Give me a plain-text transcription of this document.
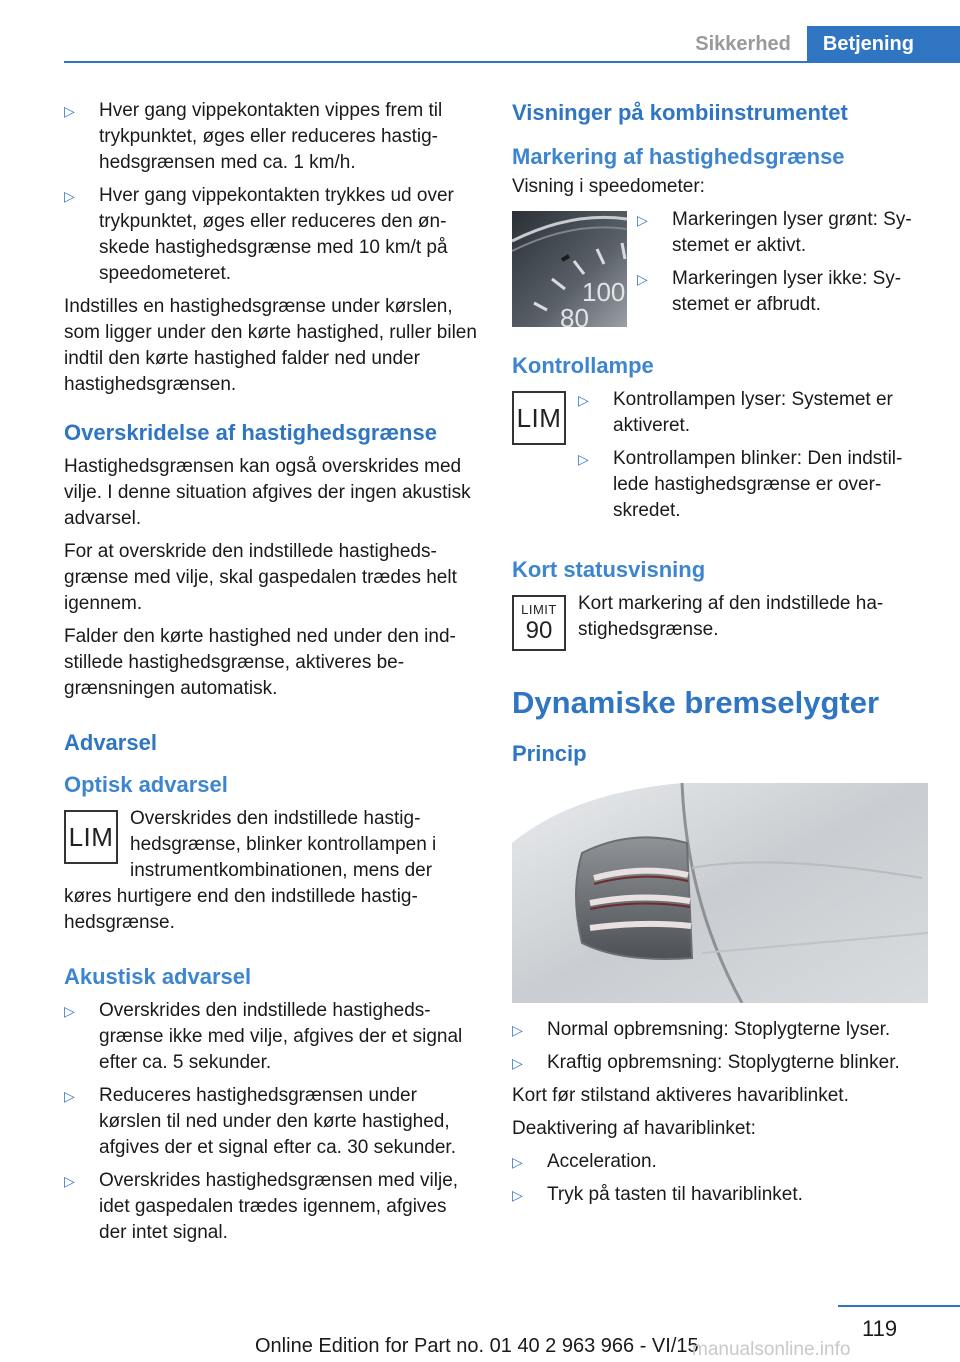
Sikkerhed	Betjening
▷	Hver gang vippekontakten vippes frem til trykpunktet, øges eller reduceres hastighedsgrænsen med ca. 1 km/h.
▷	Hver gang vippekontakten trykkes ud over trykpunktet, øges eller reduceres den ønskede hastighedsgrænse med 10 km/t på speedometeret.

Indstilles en hastighedsgrænse under kørslen, som ligger under den kørte hastighed, ruller bilen indtil den kørte hastighed falder ned under hastighedsgrænsen.

Overskridelse af hastighedsgrænse

Hastighedsgrænsen kan også overskrides med vilje. I denne situation afgives der ingen akustisk advarsel.

For at overskride den indstillede hastighedsgrænse med vilje, skal gaspedalen trædes helt igennem.

Falder den kørte hastighed ned under den indstillede hastighedsgrænse, aktiveres begrænsningen automatisk.

Advarsel
Optisk advarsel
LIM
Overskrides den indstillede hastighedsgrænse, blinker kontrollampen i instrumentkombinationen, mens der køres hurtigere end den indstillede hastighedsgrænse.
Akustisk advarsel
▷	Overskrides den indstillede hastighedsgrænse ikke med vilje, afgives der et signal efter ca. 5 sekunder.
▷	Reduceres hastighedsgrænsen under kørslen til ned under den kørte hastighed, afgives der et signal efter ca. 30 sekunder.
▷	Overskrides hastighedsgrænsen med vilje, idet gaspedalen trædes igennem, afgives der intet signal.
Visninger på kombiinstrumentet
Markering af hastighedsgrænse

Visning i speedometer:

100
80
▷	Markeringen lyser grønt: Systemet er aktivt.
▷	Markeringen lyser ikke: Systemet er afbrudt.
Kontrollampe
LIM
▷	Kontrollampen lyser: Systemet er aktiveret.
▷	Kontrollampen blinker: Den indstillede hastighedsgrænse er overskredet.
Kort statusvisning
LIMIT
90
Kort markering af den indstillede hastighedsgrænse.
Dynamiske bremselygter
Princip
▷	Normal opbremsning: Stoplygterne lyser.
▷	Kraftig opbremsning: Stoplygterne blinker.

Kort før stilstand aktiveres havariblinket.

Deaktivering af havariblinket:

▷	Acceleration.
▷	Tryk på tasten til havariblinket.
119
Online Edition for Part no. 01 40 2 963 966 - VI/15
manualsonline.info
